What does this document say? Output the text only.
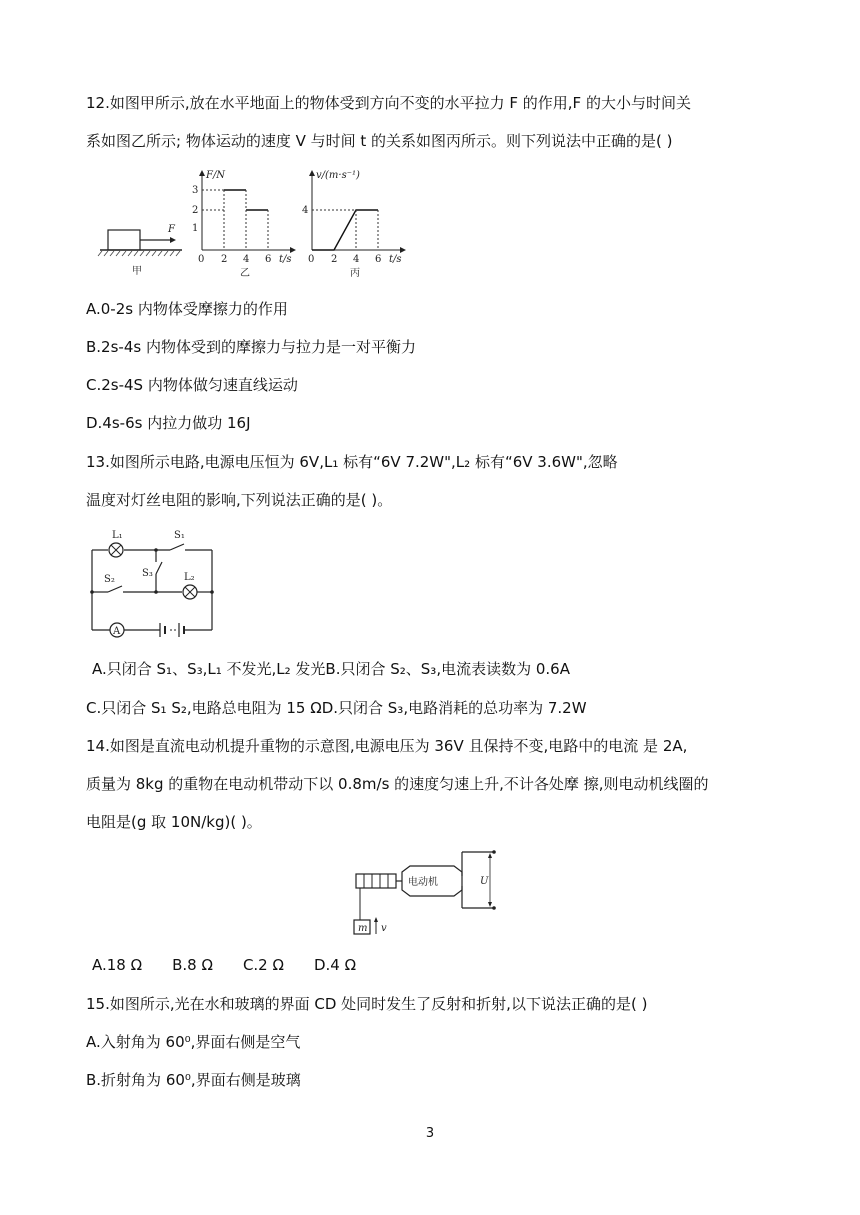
12.如图甲所示,放在水平地面上的物体受到方向不变的水平拉力 F 的作用,F 的大小与时间关
系如图乙所示; 物体运动的速度 V 与时间 t 的关系如图丙所示。则下列说法中正确的是( )
F
甲
F/N
1
2
3
0 2 4 6 t/s
乙
v/(m·s⁻¹)
4
0 2 4 6 t/s
丙
A.0-2s 内物体受摩擦力的作用
B.2s-4s 内物体受到的摩擦力与拉力是一对平衡力
C.2s-4S 内物体做匀速直线运动
D.4s-6s 内拉力做功 16J
13.如图所示电路,电源电压恒为 6V,L₁ 标有“6V 7.2W",L₂ 标有“6V 3.6W",忽略
温度对灯丝电阻的影响,下列说法正确的是( )。
L₁	S₁
S₂
S₃	L₂
A
A.只闭合 S₁、S₃,L₁ 不发光,L₂ 发光B.只闭合 S₂、S₃,电流表读数为 0.6A
C.只闭合 S₁ S₂,电路总电阻为 15 ΩD.只闭合 S₃,电路消耗的总功率为 7.2W
14.如图是直流电动机提升重物的示意图,电源电压为 36V 且保持不变,电路中的电流 是 2A,
质量为 8kg 的重物在电动机带动下以 0.8m/s 的速度匀速上升,不计各处摩 擦,则电动机线圈的
电阻是(g 取 10N/kg)( )。
电动机	U
m v
A.18 Ω B.8 Ω C.2 Ω D.4 Ω
15.如图所示,光在水和玻璃的界面 CD 处同时发生了反射和折射,以下说法正确的是( )
A.入射角为 60⁰,界面右侧是空气
B.折射角为 60⁰,界面右侧是玻璃
3
